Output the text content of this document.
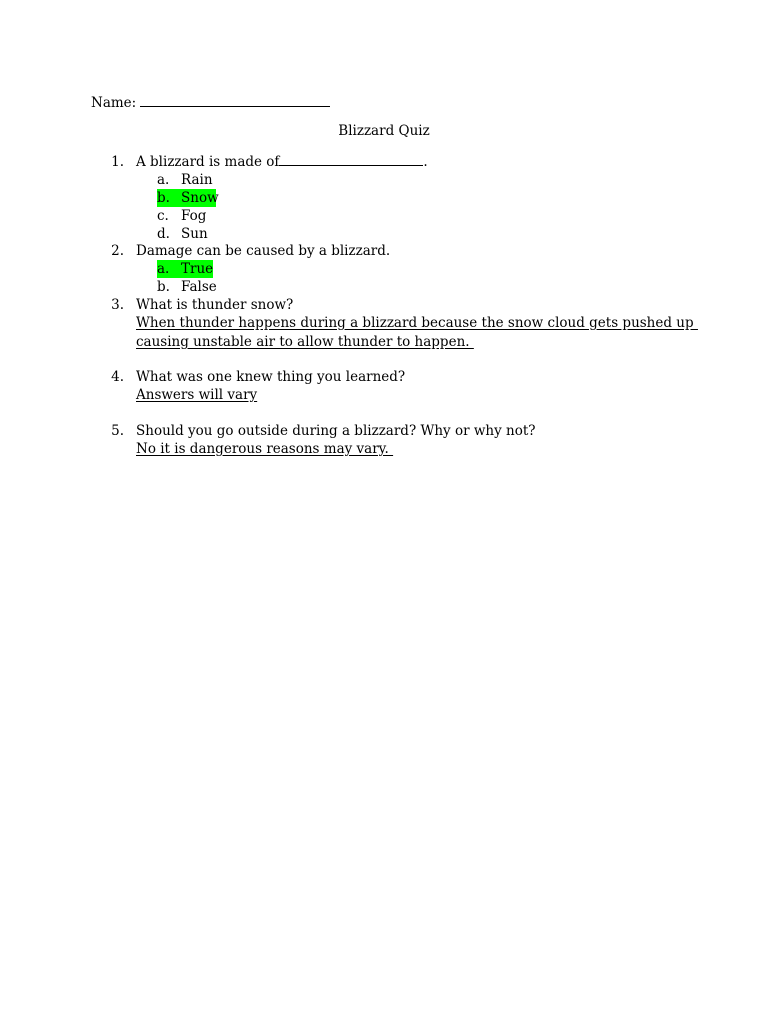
Name:
Blizzard Quiz
1. A blizzard is made of	.
a. Rain
b. Snow
c. Fog
d. Sun
2. Damage can be caused by a blizzard.
a. True
b. False
3. What is thunder snow?
When thunder happens during a blizzard because the snow cloud gets pushed up
causing unstable air to allow thunder to happen.
4. What was one knew thing you learned?
Answers will vary
5. Should you go outside during a blizzard? Why or why not?
No it is dangerous reasons may vary.
